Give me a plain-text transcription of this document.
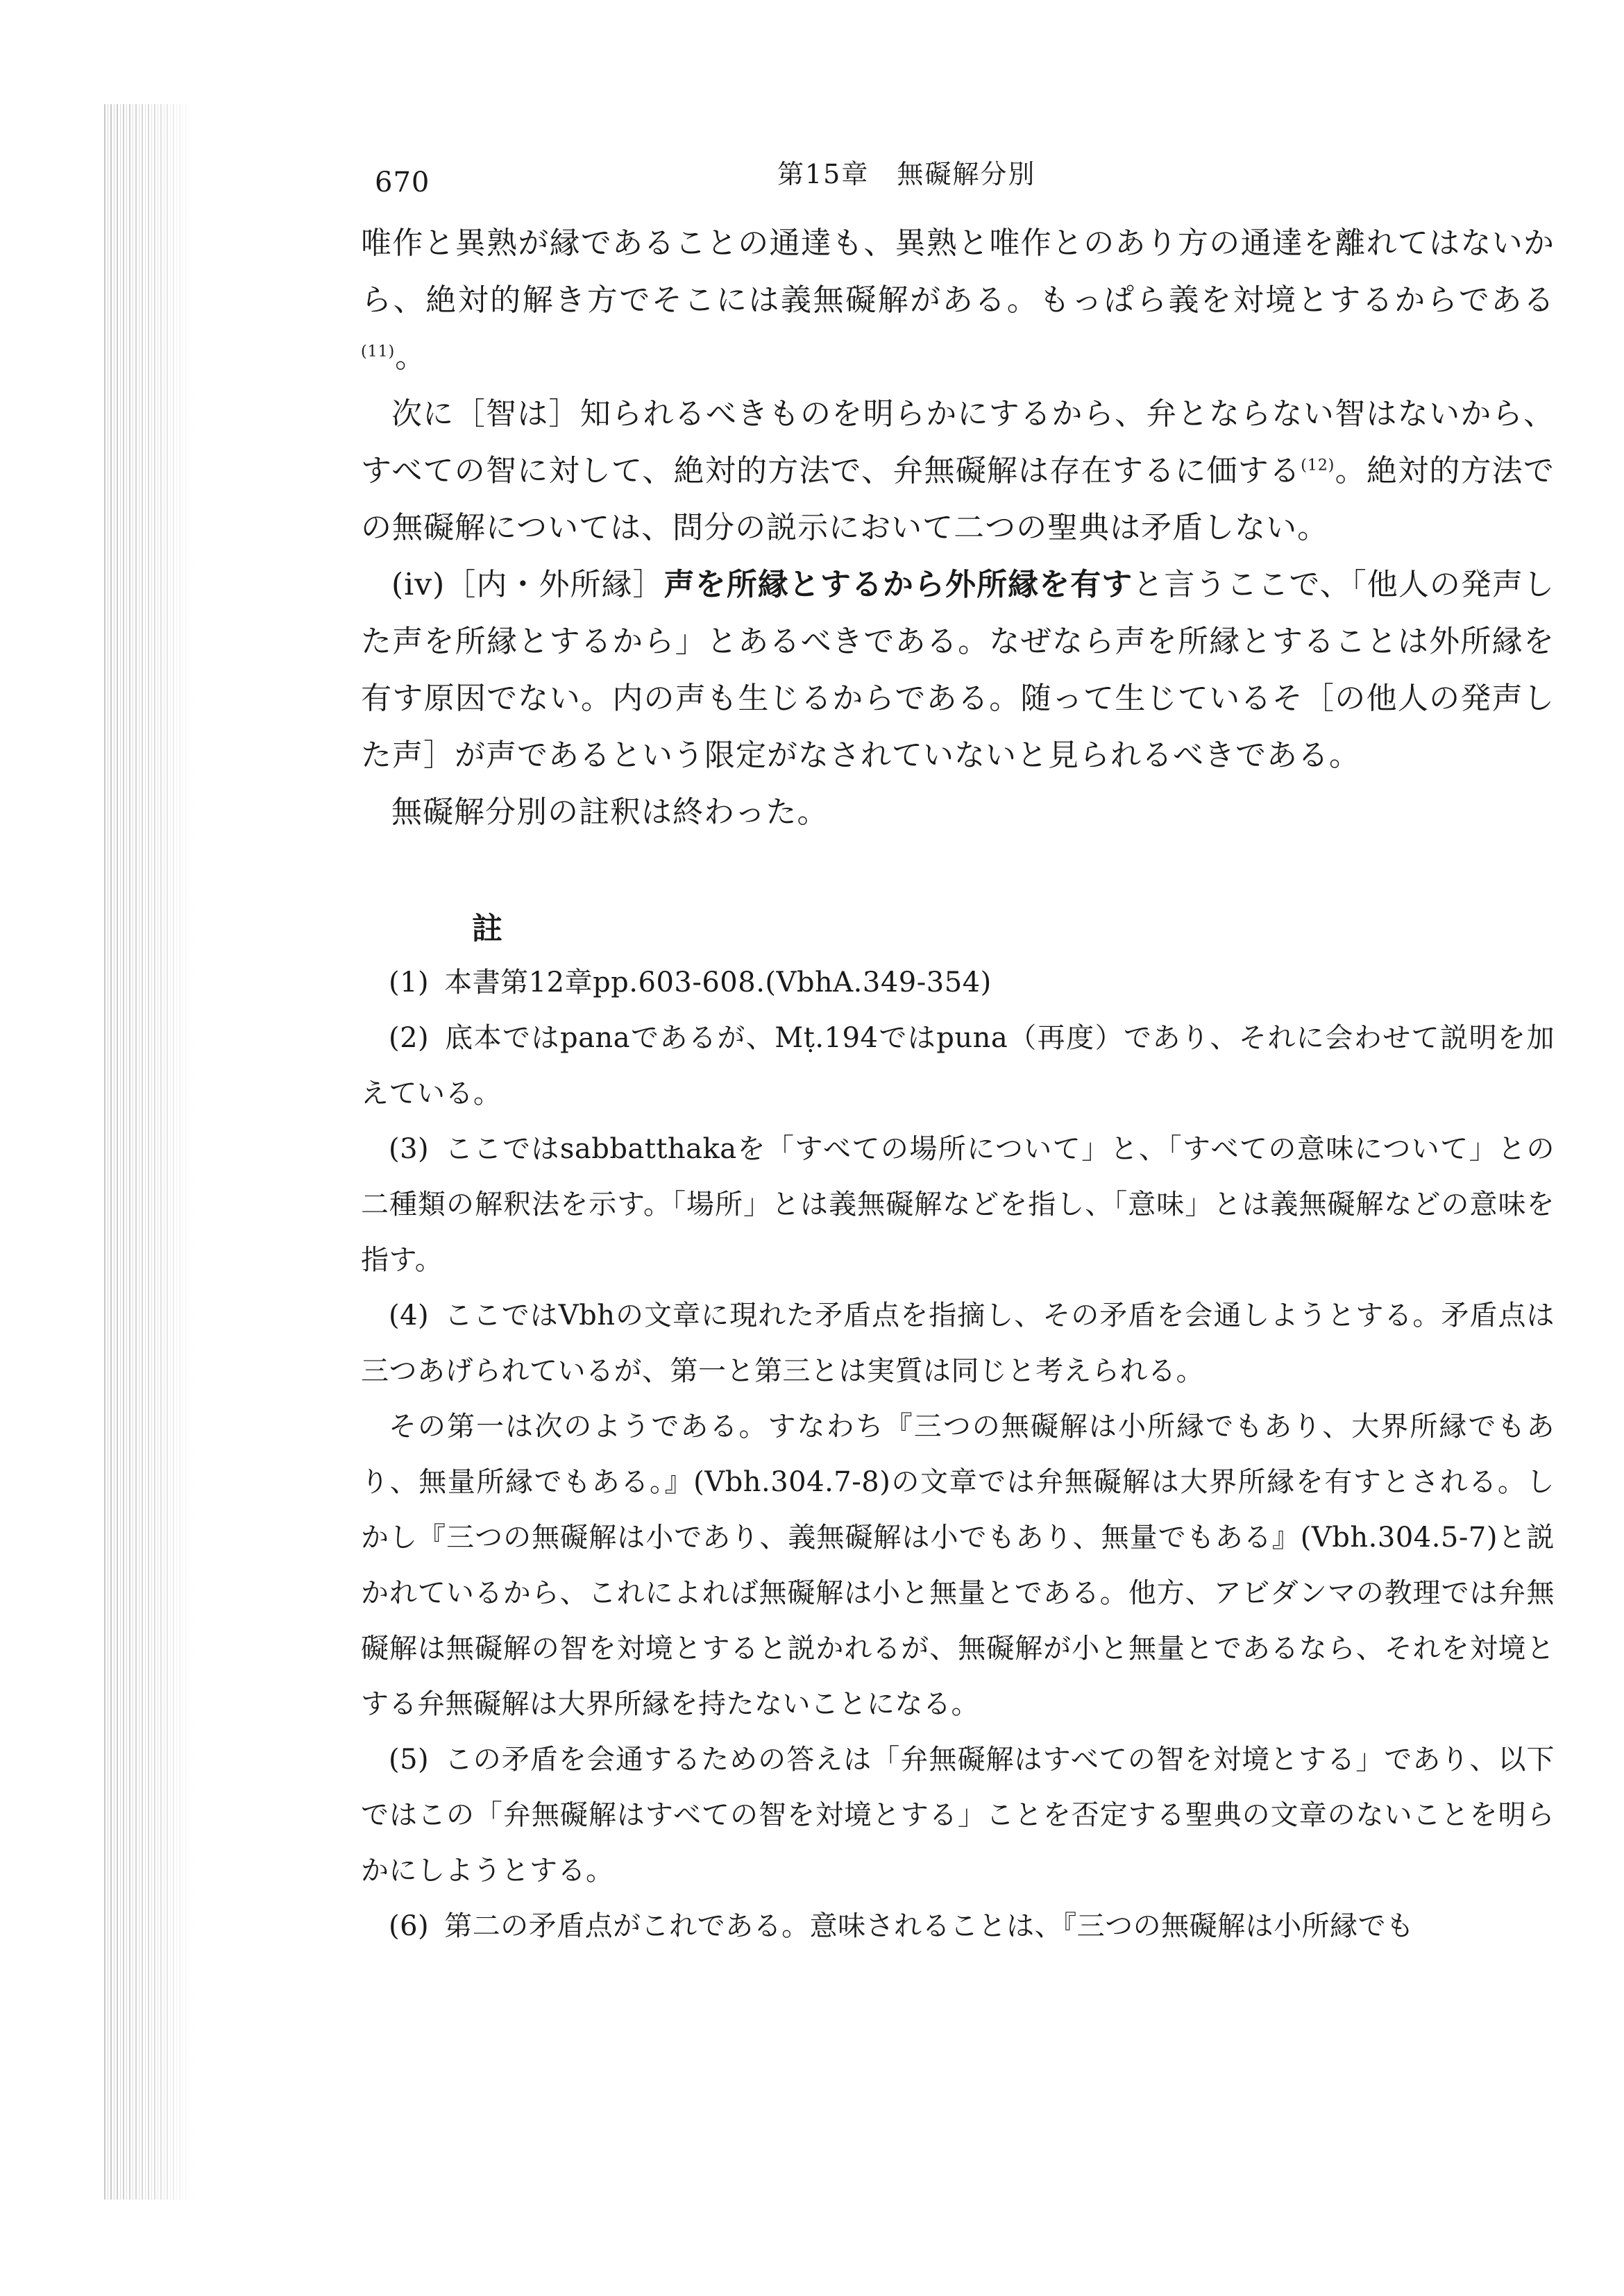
670	第15章　無礙解分別

唯作と異熟が縁であることの通達も、異熟と唯作とのあり方の通達を離れてはないから、絶対的解き方でそこには義無礙解がある。もっぱら義を対境とするからである$^{(11)}$。

次に［智は］知られるべきものを明らかにするから、弁とならない智はないから、すべての智に対して、絶対的方法で、弁無礙解は存在するに価する$^{(12)}$。絶対的方法での無礙解については、問分の説示において二つの聖典は矛盾しない。

(iv)［内・外所縁］声を所縁とするから外所縁を有すと言うここで、「他人の発声した声を所縁とするから」とあるべきである。なぜなら声を所縁とすることは外所縁を有す原因でない。内の声も生じるからである。随って生じているそ［の他人の発声した声］が声であるという限定がなされていないと見られるべきである。

無礙解分別の註釈は終わった。

註

(1) 本書第12章pp.603-608.(VbhA.349-354)

(2) 底本ではpanaであるが、Mṭ.194ではpuna（再度）であり、それに会わせて説明を加えている。

(3) ここではsabbatthakaを「すべての場所について」と、「すべての意味について」との二種類の解釈法を示す。「場所」とは義無礙解などを指し、「意味」とは義無礙解などの意味を指す。

(4) ここではVbhの文章に現れた矛盾点を指摘し、その矛盾を会通しようとする。矛盾点は三つあげられているが、第一と第三とは実質は同じと考えられる。

その第一は次のようである。すなわち『三つの無礙解は小所縁でもあり、大界所縁でもあり、無量所縁でもある。』(Vbh.304.7-8)の文章では弁無礙解は大界所縁を有すとされる。しかし『三つの無礙解は小であり、義無礙解は小でもあり、無量でもある』(Vbh.304.5-7)と説かれているから、これによれば無礙解は小と無量とである。他方、アビダンマの教理では弁無礙解は無礙解の智を対境とすると説かれるが、無礙解が小と無量とであるなら、それを対境とする弁無礙解は大界所縁を持たないことになる。

(5) この矛盾を会通するための答えは「弁無礙解はすべての智を対境とする」であり、以下ではこの「弁無礙解はすべての智を対境とする」ことを否定する聖典の文章のないことを明らかにしようとする。

(6) 第二の矛盾点がこれである。意味されることは、『三つの無礙解は小所縁でも
